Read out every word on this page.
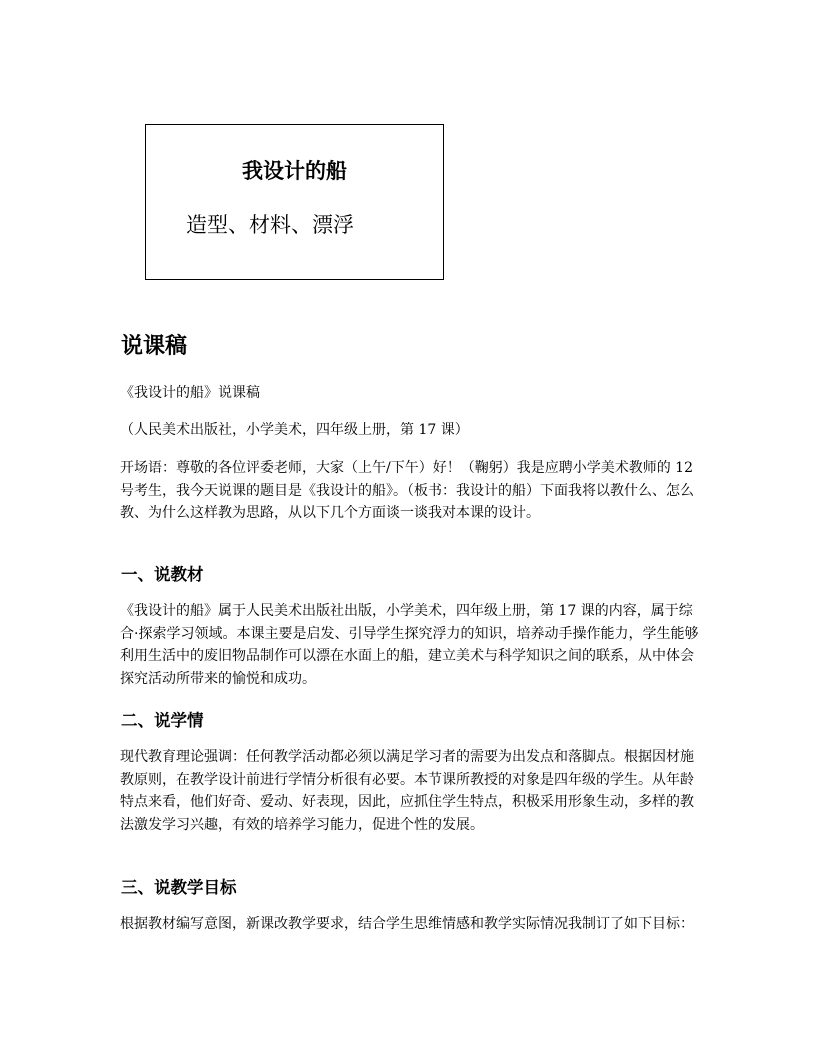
我设计的船
造型、材料、漂浮
说课稿

《我设计的船》说课稿

（人民美术出版社，小学美术，四年级上册，第 17 课）

开场语：尊敬的各位评委老师，大家（上午/下午）好！（鞠躬）我是应聘小学美术教师的 12 号考生，我今天说课的题目是《我设计的船》。（板书：我设计的船）下面我将以教什么、怎么教、为什么这样教为思路，从以下几个方面谈一谈我对本课的设计。

一、说教材

《我设计的船》属于人民美术出版社出版，小学美术，四年级上册，第 17 课的内容，属于综合·探索学习领域。本课主要是启发、引导学生探究浮力的知识，培养动手操作能力，学生能够利用生活中的废旧物品制作可以漂在水面上的船，建立美术与科学知识之间的联系，从中体会探究活动所带来的愉悦和成功。

二、说学情

现代教育理论强调：任何教学活动都必须以满足学习者的需要为出发点和落脚点。根据因材施教原则，在教学设计前进行学情分析很有必要。本节课所教授的对象是四年级的学生。从年龄特点来看，他们好奇、爱动、好表现，因此，应抓住学生特点，积极采用形象生动，多样的教法激发学习兴趣，有效的培养学习能力，促进个性的发展。

三、说教学目标

根据教材编写意图，新课改教学要求，结合学生思维情感和教学实际情况我制订了如下目标：
